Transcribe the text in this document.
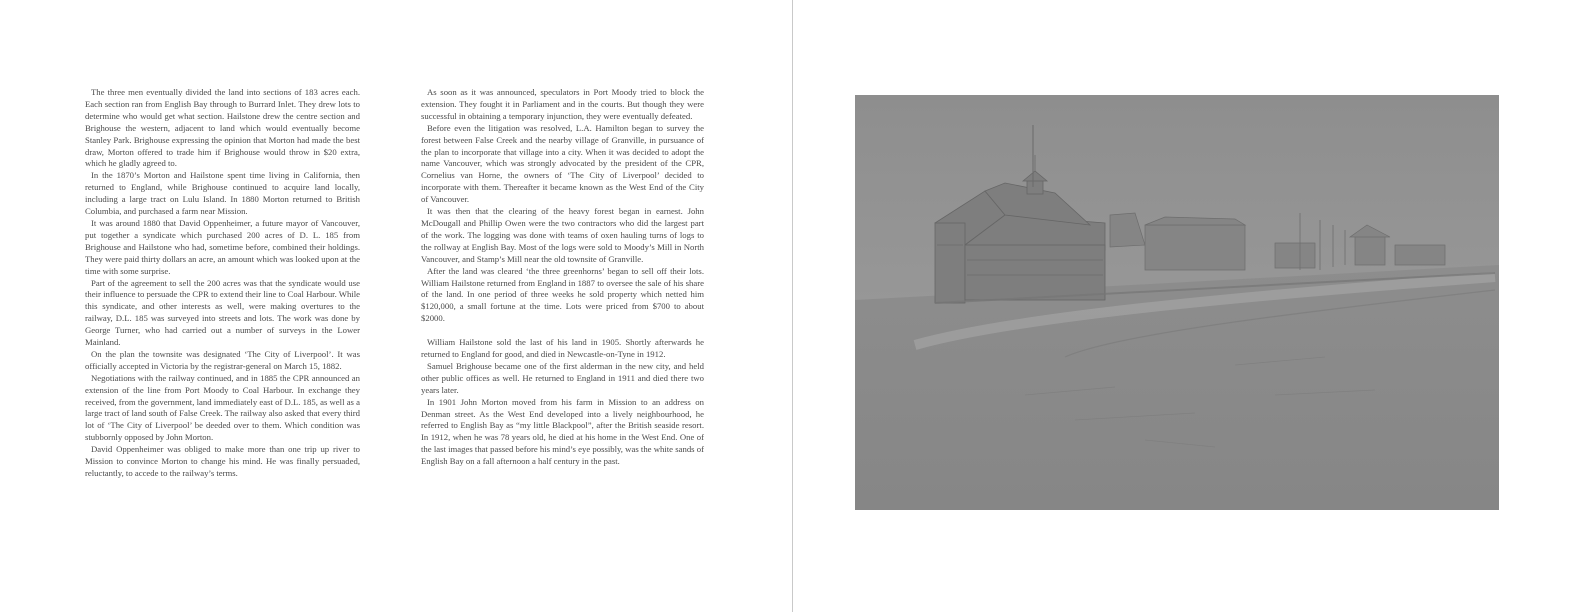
The three men eventually divided the land into sections of 183 acres each. Each section ran from English Bay through to Burrard Inlet. They drew lots to determine who would get what section. Hailstone drew the centre section and Brighouse the western, adjacent to land which would eventually become Stanley Park. Brighouse expressing the opinion that Morton had made the best draw, Morton offered to trade him if Brighouse would throw in $20 extra, which he gladly agreed to.

In the 1870’s Morton and Hailstone spent time living in California, then returned to England, while Brighouse continued to acquire land locally, including a large tract on Lulu Island. In 1880 Morton returned to British Columbia, and purchased a farm near Mission.

It was around 1880 that David Oppenheimer, a future mayor of Vancouver, put together a syndicate which purchased 200 acres of D. L. 185 from Brighouse and Hailstone who had, sometime before, combined their holdings. They were paid thirty dollars an acre, an amount which was looked upon at the time with some surprise.

Part of the agreement to sell the 200 acres was that the syndicate would use their influence to persuade the CPR to extend their line to Coal Harbour. While this syndicate, and other interests as well, were making overtures to the railway, D.L. 185 was surveyed into streets and lots. The work was done by George Turner, who had carried out a number of surveys in the Lower Mainland.

On the plan the townsite was designated ‘The City of Liverpool’. It was officially accepted in Victoria by the registrar-general on March 15, 1882.

Negotiations with the railway continued, and in 1885 the CPR announced an extension of the line from Port Moody to Coal Harbour. In exchange they received, from the government, land immediately east of D.L. 185, as well as a large tract of land south of False Creek. The railway also asked that every third lot of ‘The City of Liverpool’ be deeded over to them. Which condition was stubbornly opposed by John Morton.

David Oppenheimer was obliged to make more than one trip up river to Mission to convince Morton to change his mind. He was finally persuaded, reluctantly, to accede to the railway’s terms.

As soon as it was announced, speculators in Port Moody tried to block the extension. They fought it in Parliament and in the courts. But though they were successful in obtaining a temporary injunction, they were eventually defeated.

Before even the litigation was resolved, L.A. Hamilton began to survey the forest between False Creek and the nearby village of Granville, in pursuance of the plan to incorporate that village into a city. When it was decided to adopt the name Vancouver, which was strongly advocated by the president of the CPR, Cornelius van Horne, the owners of ‘The City of Liverpool’ decided to incorporate with them. Thereafter it became known as the West End of the City of Vancouver.

It was then that the clearing of the heavy forest began in earnest. John McDougall and Phillip Owen were the two contractors who did the largest part of the work. The logging was done with teams of oxen hauling turns of logs to the rollway at English Bay. Most of the logs were sold to Moody’s Mill in North Vancouver, and Stamp’s Mill near the old townsite of Granville.

After the land was cleared ‘the three greenhorns’ began to sell off their lots. William Hailstone returned from England in 1887 to oversee the sale of his share of the land. In one period of three weeks he sold property which netted him $120,000, a small fortune at the time. Lots were priced from $700 to about $2000.

William Hailstone sold the last of his land in 1905. Shortly afterwards he returned to England for good, and died in Newcastle-on-Tyne in 1912.

Samuel Brighouse became one of the first alderman in the new city, and held other public offices as well. He returned to England in 1911 and died there two years later.

In 1901 John Morton moved from his farm in Mission to an address on Denman street. As the West End developed into a lively neighbourhood, he referred to English Bay as “my little Blackpool”, after the British seaside resort. In 1912, when he was 78 years old, he died at his home in the West End. One of the last images that passed before his mind’s eye possibly, was the white sands of English Bay on a fall afternoon a half century in the past.
